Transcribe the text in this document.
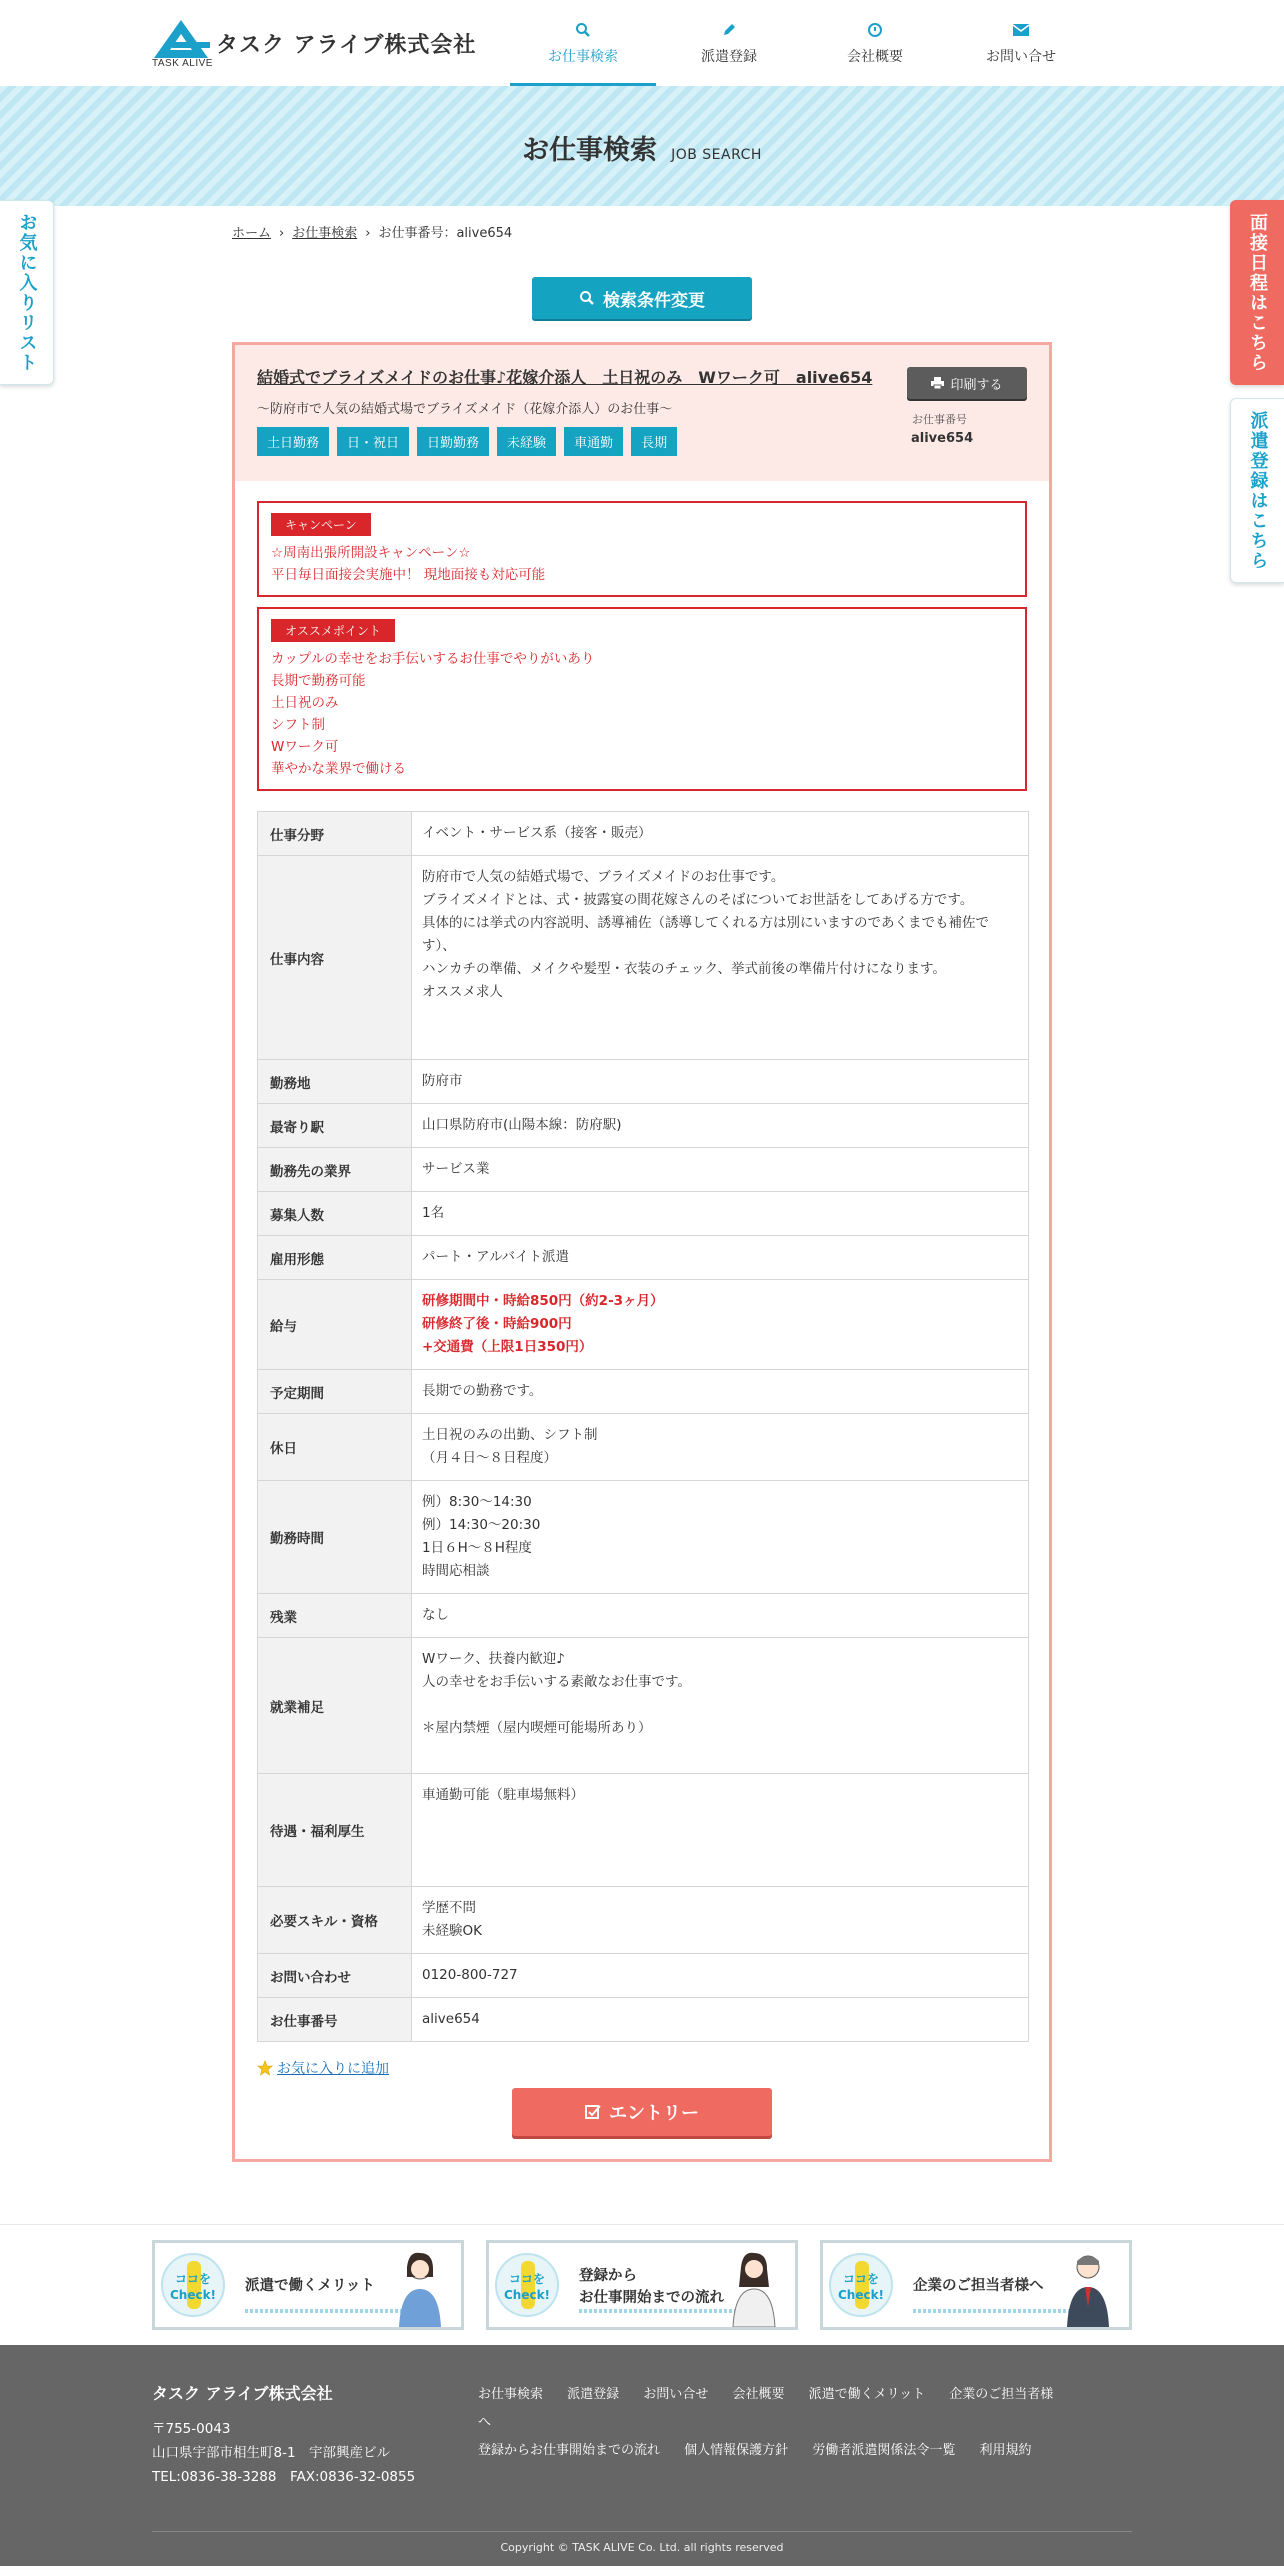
タスク アライブ株式会社
TASK ALIVE	お仕事検索	派遣登録	会社概要	お問い合せ
お仕事検索 JOB SEARCH
ホーム › お仕事検索 › お仕事番号：alive654
お気に入りリスト	面接日程はこちら
派遣登録はこちら
検索条件変更
結婚式でブライズメイドのお仕事♪花嫁介添人　土日祝のみ　Wワーク可　alive654
～防府市で人気の結婚式場でブライズメイド（花嫁介添人）のお仕事～
土日勤務	日・祝日	日勤勤務	未経験	車通勤	長期
印刷する
お仕事番号
alive654
キャンペーン
☆周南出張所開設キャンペーン☆
平日毎日面接会実施中！ 現地面接も対応可能
オススメポイント
カップルの幸せをお手伝いするお仕事でやりがいあり
長期で勤務可能
土日祝のみ
シフト制
Wワーク可
華やかな業界で働ける
仕事分野	イベント・サービス系（接客・販売）
仕事内容	防府市で人気の結婚式場で、ブライズメイドのお仕事です。
ブライズメイドとは、式・披露宴の間花嫁さんのそばについてお世話をしてあげる方です。
具体的には挙式の内容説明、誘導補佐（誘導してくれる方は別にいますのであくまでも補佐です）、
ハンカチの準備、メイクや髪型・衣装のチェック、挙式前後の準備片付けになります。
オススメ求人

勤務地	防府市
最寄り駅	山口県防府市(山陽本線：防府駅)
勤務先の業界	サービス業
募集人数	1名
雇用形態	パート・アルバイト派遣
給与	研修期間中・時給850円（約2-3ヶ月）
研修終了後・時給900円
+交通費（上限1日350円）

予定期間	長期での勤務です。
休日	土日祝のみの出勤、シフト制
（月４日～８日程度）

勤務時間	例）8:30～14:30
例）14:30～20:30
1日６H～８H程度
時間応相談

残業	なし
就業補足	Wワーク、扶養内歓迎♪
人の幸せをお手伝いする素敵なお仕事です。
＊屋内禁煙（屋内喫煙可能場所あり）

待遇・福利厚生	車通勤可能（駐車場無料）
必要スキル・資格	学歴不問
未経験OK

お問い合わせ	0120-800-727
お仕事番号	alive654
お気に入りに追加
エントリー
ココを
Check!
派遣で働くメリット	ココを
Check!
登録から
お仕事開始までの流れ
ココを
Check!
企業のご担当者様へ
タスク アライブ株式会社
〒755-0043
山口県宇部市相生町8-1　宇部興産ビル
TEL:0836-38-3288　FAX:0836-32-0855
お仕事検索 派遣登録 お問い合せ 会社概要 派遣で働くメリット 企業のご担当者様へ
登録からお仕事開始までの流れ 個人情報保護方針 労働者派遣関係法令一覧 利用規約
Copyright © TASK ALIVE Co. Ltd. all rights reserved
